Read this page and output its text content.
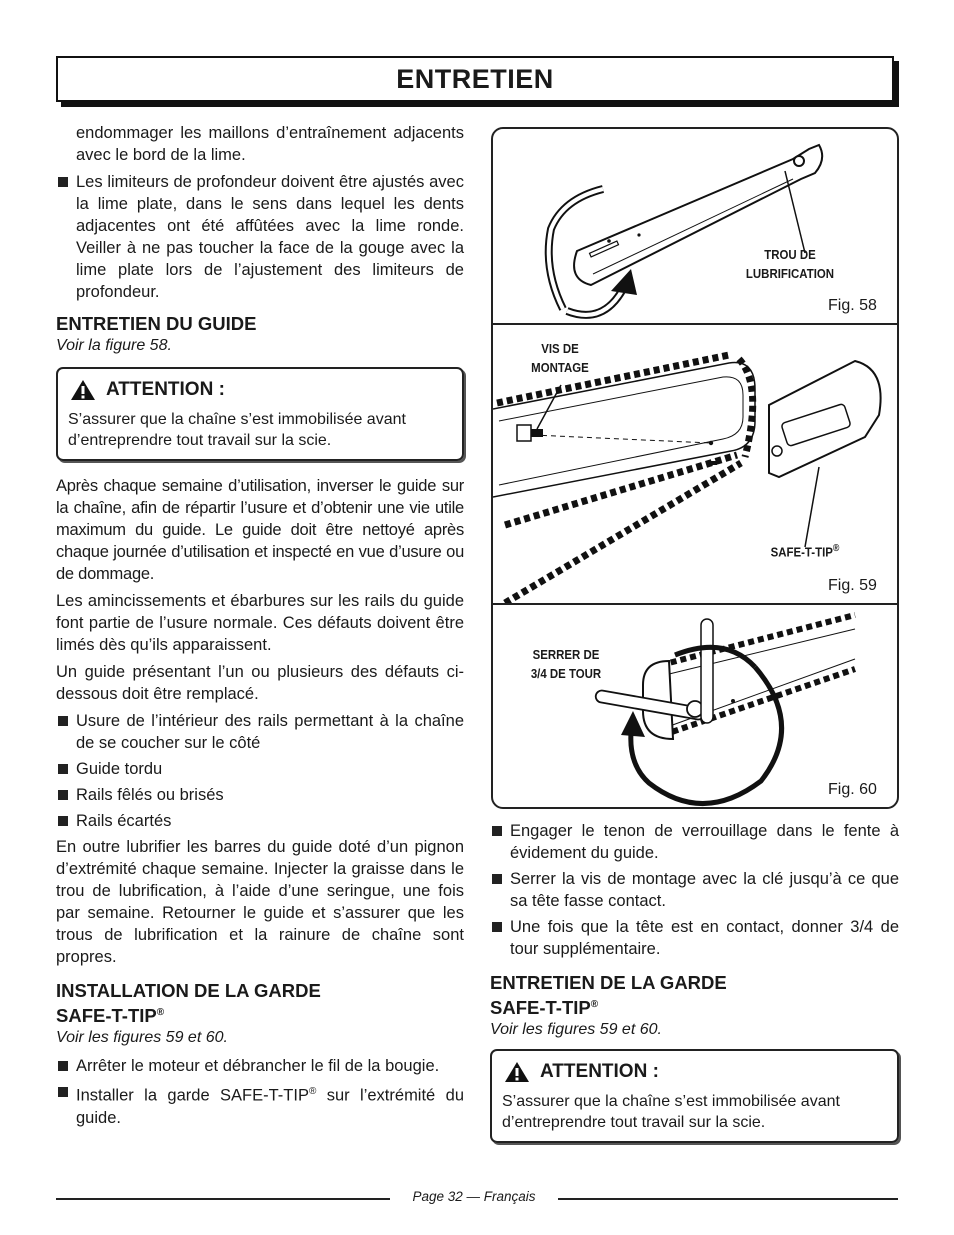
ENTRETIEN

endommager les maillons d’entraînement adjacents avec le bord de la lime.

Les limiteurs de profondeur doivent être ajustés avec la lime plate, dans le sens dans lequel les dents adjacentes ont été affûtées avec la lime ronde. Veiller à ne pas toucher la face de la gouge avec la lime plate lors de l’ajustement des limiteurs de profondeur.
ENTRETIEN DU GUIDE
Voir la figure 58.
ATTENTION :
S’assurer que la chaîne s’est immobilisée avant d’entreprendre tout travail sur la scie.

Après chaque semaine d’utilisation, inverser le guide sur la chaîne, afin de répartir l’usure et d’obtenir une vie utile maximum du guide. Le guide doit être nettoyé après chaque journée d’utilisation et inspecté en vue d’usure ou de dommage.

Les amincissements et ébarbures sur les rails du guide font partie de l’usure normale. Ces défauts doivent être limés dès qu’ils apparaissent.

Un guide présentant l’un ou plusieurs des défauts ci-dessous doit être remplacé.

Usure de l’intérieur des rails permettant à la chaîne de se coucher sur le côté
Guide tordu
Rails fêlés ou brisés
Rails écartés

En outre lubrifier les barres du guide doté d’un pignon d’extrémité chaque semaine. Injecter la graisse dans le trou de lubrification, à l’aide d’une seringue, une fois par semaine. Retourner le guide et s’assurer que les trous de lubrification et la rainure de chaîne sont propres.

INSTALLATION DE LA GARDE
SAFE-T-TIP®
Voir les figures 59 et 60.
Arrêter le moteur et débrancher le fil de la bougie.
Installer la garde SAFE-T-TIP® sur l’extrémité du guide.
TROU DE
LUBRIFICATION
Fig. 58
VIS DE
MONTAGE
SAFE-T-TIP®
Fig. 59
Fig. 60
SERRER DE
3/4 DE TOUR
Engager le tenon de verrouillage dans le fente à évidement du guide.
Serrer la vis de montage avec la clé jusqu’à ce que sa tête fasse contact.
Une fois que la tête est en contact, donner 3/4 de tour supplémentaire.
ENTRETIEN DE LA GARDE
SAFE-T-TIP®
Voir les figures 59 et 60.
ATTENTION :
S’assurer que la chaîne s’est immobilisée avant d’entreprendre tout travail sur la scie.
Page 32 — Français
